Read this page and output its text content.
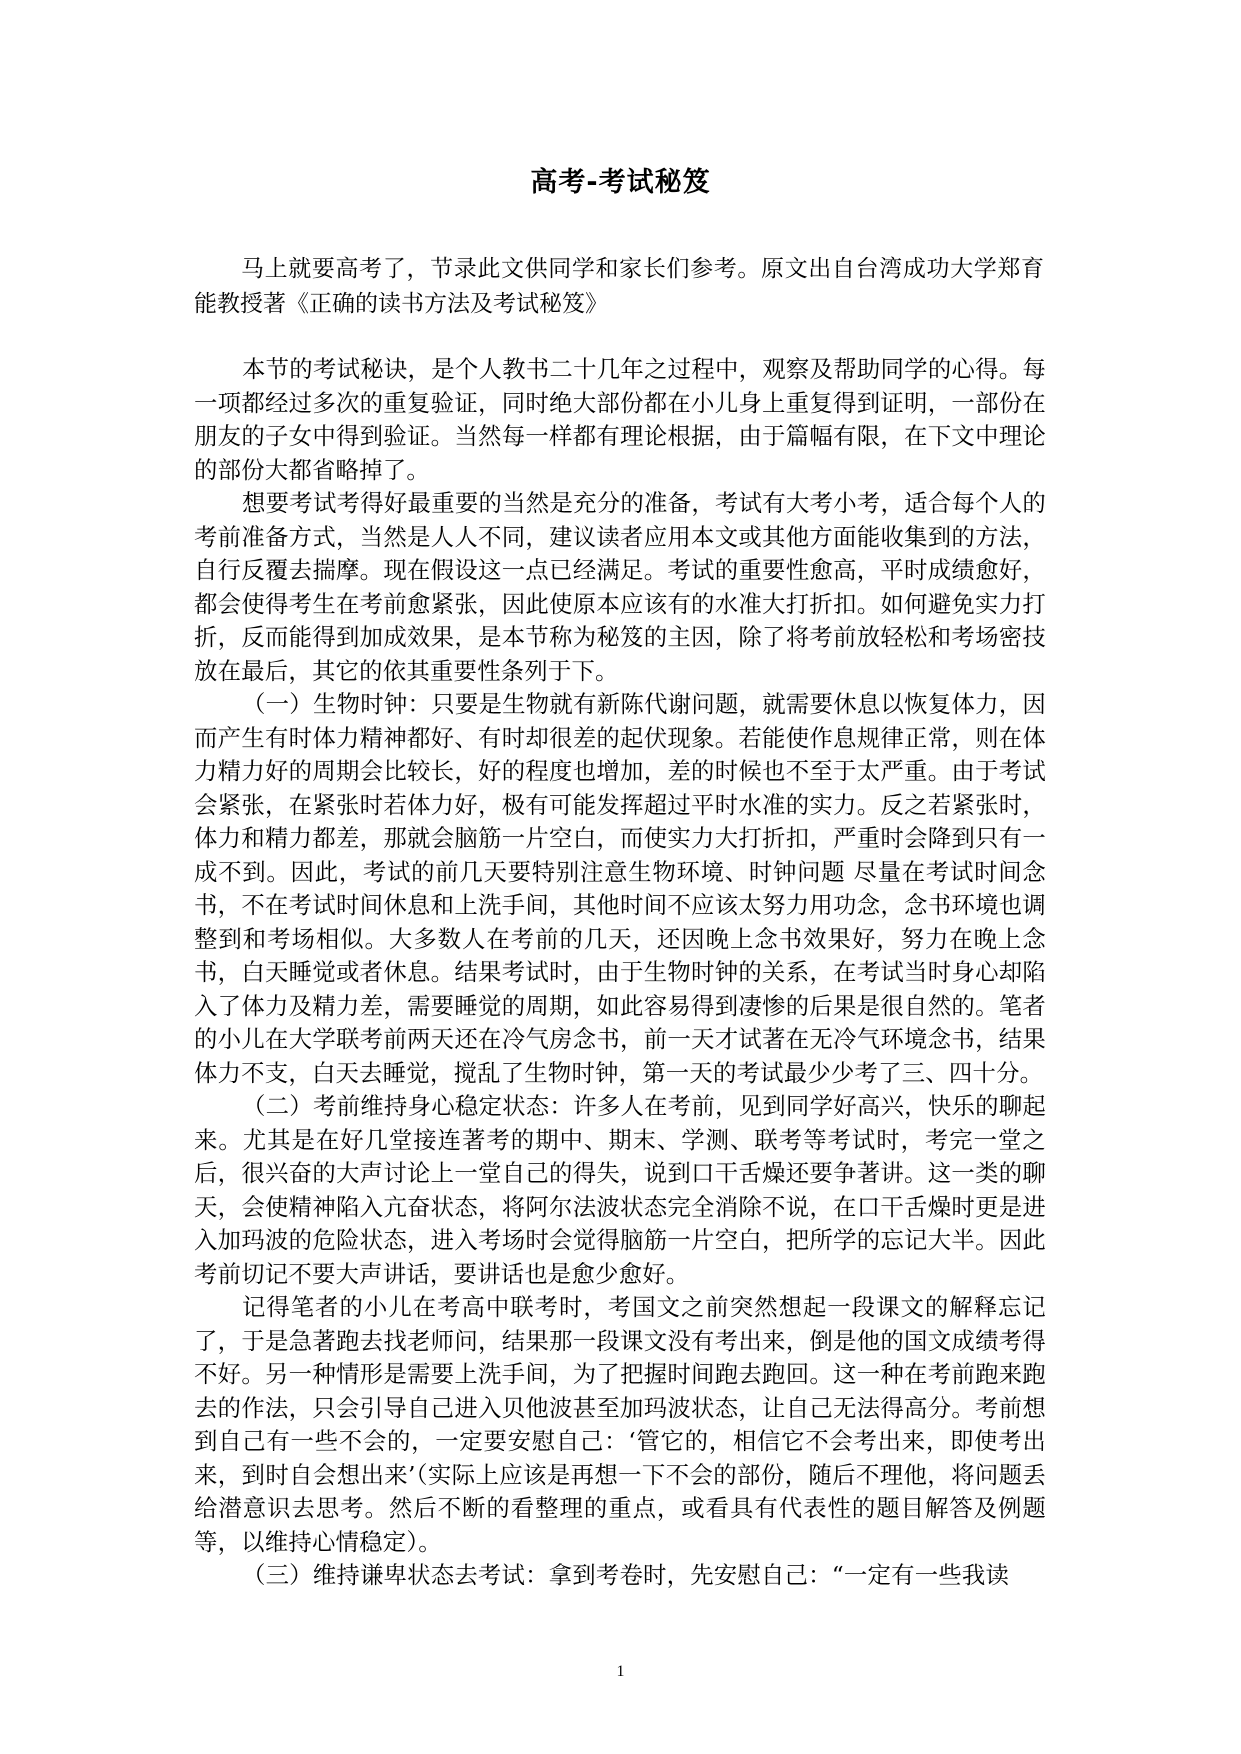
高考-考试秘笈

马上就要高考了，节录此文供同学和家长们参考。原文出自台湾成功大学郑育能教授著《正确的读书方法及考试秘笈》

本节的考试秘诀，是个人教书二十几年之过程中，观察及帮助同学的心得。每一项都经过多次的重复验证，同时绝大部份都在小儿身上重复得到证明，一部份在朋友的子女中得到验证。当然每一样都有理论根据，由于篇幅有限，在下文中理论的部份大都省略掉了。

想要考试考得好最重要的当然是充分的准备，考试有大考小考，适合每个人的考前准备方式，当然是人人不同，建议读者应用本文或其他方面能收集到的方法，自行反覆去揣摩。现在假设这一点已经满足。考试的重要性愈高，平时成绩愈好，都会使得考生在考前愈紧张，因此使原本应该有的水准大打折扣。如何避免实力打折，反而能得到加成效果，是本节称为秘笈的主因，除了将考前放轻松和考场密技放在最后，其它的依其重要性条列于下。

（一）生物时钟：只要是生物就有新陈代谢问题，就需要休息以恢复体力，因而产生有时体力精神都好、有时却很差的起伏现象。若能使作息规律正常，则在体力精力好的周期会比较长，好的程度也增加，差的时候也不至于太严重。由于考试会紧张，在紧张时若体力好，极有可能发挥超过平时水准的实力。反之若紧张时，体力和精力都差，那就会脑筋一片空白，而使实力大打折扣，严重时会降到只有一成不到。因此，考试的前几天要特别注意生物环境、时钟问题 尽量在考试时间念书，不在考试时间休息和上洗手间，其他时间不应该太努力用功念，念书环境也调整到和考场相似。大多数人在考前的几天，还因晚上念书效果好，努力在晚上念书，白天睡觉或者休息。结果考试时，由于生物时钟的关系，在考试当时身心却陷入了体力及精力差，需要睡觉的周期，如此容易得到凄惨的后果是很自然的。笔者的小儿在大学联考前两天还在冷气房念书，前一天才试著在无冷气环境念书，结果体力不支，白天去睡觉，搅乱了生物时钟，第一天的考试最少少考了三、四十分。

（二）考前维持身心稳定状态：许多人在考前，见到同学好高兴，快乐的聊起来。尤其是在好几堂接连著考的期中、期末、学测、联考等考试时，考完一堂之后，很兴奋的大声讨论上一堂自己的得失，说到口干舌燥还要争著讲。这一类的聊天，会使精神陷入亢奋状态，将阿尔法波状态完全消除不说，在口干舌燥时更是进入加玛波的危险状态，进入考场时会觉得脑筋一片空白，把所学的忘记大半。因此考前切记不要大声讲话，要讲话也是愈少愈好。

记得笔者的小儿在考高中联考时，考国文之前突然想起一段课文的解释忘记了，于是急著跑去找老师问，结果那一段课文没有考出来，倒是他的国文成绩考得不好。另一种情形是需要上洗手间，为了把握时间跑去跑回。这一种在考前跑来跑去的作法，只会引导自己进入贝他波甚至加玛波状态，让自己无法得高分。考前想到自己有一些不会的，一定要安慰自己：‘管它的，相信它不会考出来，即使考出来，到时自会想出来’（实际上应该是再想一下不会的部份，随后不理他，将问题丢给潜意识去思考。然后不断的看整理的重点，或看具有代表性的题目解答及例题等，以维持心情稳定）。

（三）维持谦卑状态去考试：拿到考卷时，先安慰自己：“一定有一些我读

1
